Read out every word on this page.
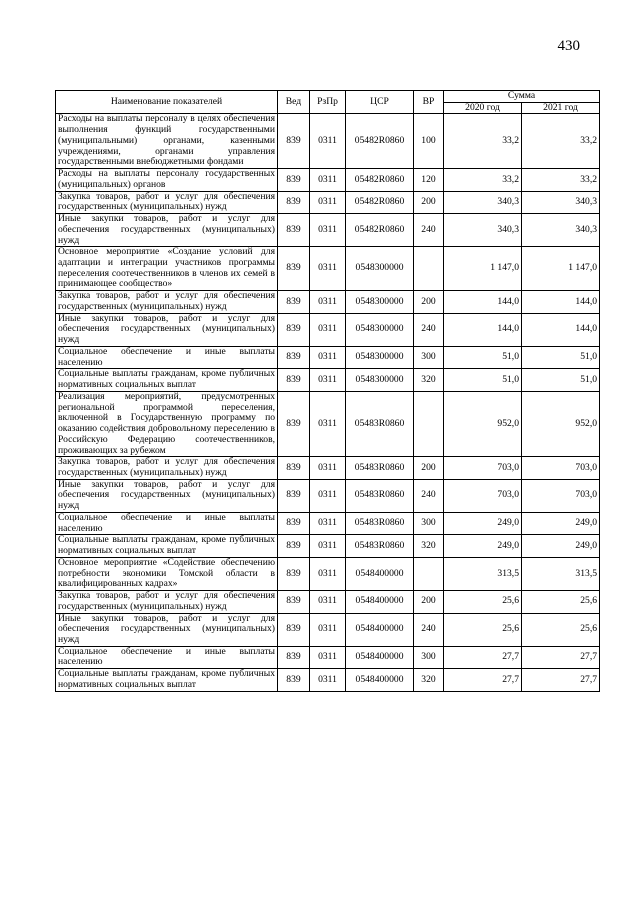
430
Наименование показателей	Вед	РзПр	ЦСР	ВР	Сумма	
					2020 год	2021 год
Расходы на выплаты персоналу в целях обеспечения выполнения функций государственными (муниципальными) органами, казенными учреждениями, органами управления государственными внебюджетными фондами	839	0311	05482R0860	100	33,2	33,2
Расходы на выплаты персоналу государственных (муниципальных) органов	839	0311	05482R0860	120	33,2	33,2
Закупка товаров, работ и услуг для обеспечения государственных (муниципальных) нужд	839	0311	05482R0860	200	340,3	340,3
Иные закупки товаров, работ и услуг для обеспечения государственных (муниципальных) нужд	839	0311	05482R0860	240	340,3	340,3
Основное мероприятие «Создание условий для адаптации и интеграции участников программы переселения соотечественников в членов их семей в принимающее сообщество»	839	0311	0548300000		1 147,0	1 147,0
Закупка товаров, работ и услуг для обеспечения государственных (муниципальных) нужд	839	0311	0548300000	200	144,0	144,0
Иные закупки товаров, работ и услуг для обеспечения государственных (муниципальных) нужд	839	0311	0548300000	240	144,0	144,0
Социальное обеспечение и иные выплаты населению	839	0311	0548300000	300	51,0	51,0
Социальные выплаты гражданам, кроме публичных нормативных социальных выплат	839	0311	0548300000	320	51,0	51,0
Реализация мероприятий, предусмотренных региональной программой переселения, включенной в Государственную программу по оказанию содействия добровольному переселению в Российскую Федерацию соотечественников, проживающих за рубежом	839	0311	05483R0860		952,0	952,0
Закупка товаров, работ и услуг для обеспечения государственных (муниципальных) нужд	839	0311	05483R0860	200	703,0	703,0
Иные закупки товаров, работ и услуг для обеспечения государственных (муниципальных) нужд	839	0311	05483R0860	240	703,0	703,0
Социальное обеспечение и иные выплаты населению	839	0311	05483R0860	300	249,0	249,0
Социальные выплаты гражданам, кроме публичных нормативных социальных выплат	839	0311	05483R0860	320	249,0	249,0
Основное мероприятие «Содействие обеспечению потребности экономики Томской области в квалифицированных кадрах»	839	0311	0548400000		313,5	313,5
Закупка товаров, работ и услуг для обеспечения государственных (муниципальных) нужд	839	0311	0548400000	200	25,6	25,6
Иные закупки товаров, работ и услуг для обеспечения государственных (муниципальных) нужд	839	0311	0548400000	240	25,6	25,6
Социальное обеспечение и иные выплаты населению	839	0311	0548400000	300	27,7	27,7
Социальные выплаты гражданам, кроме публичных нормативных социальных выплат	839	0311	0548400000	320	27,7	27,7
